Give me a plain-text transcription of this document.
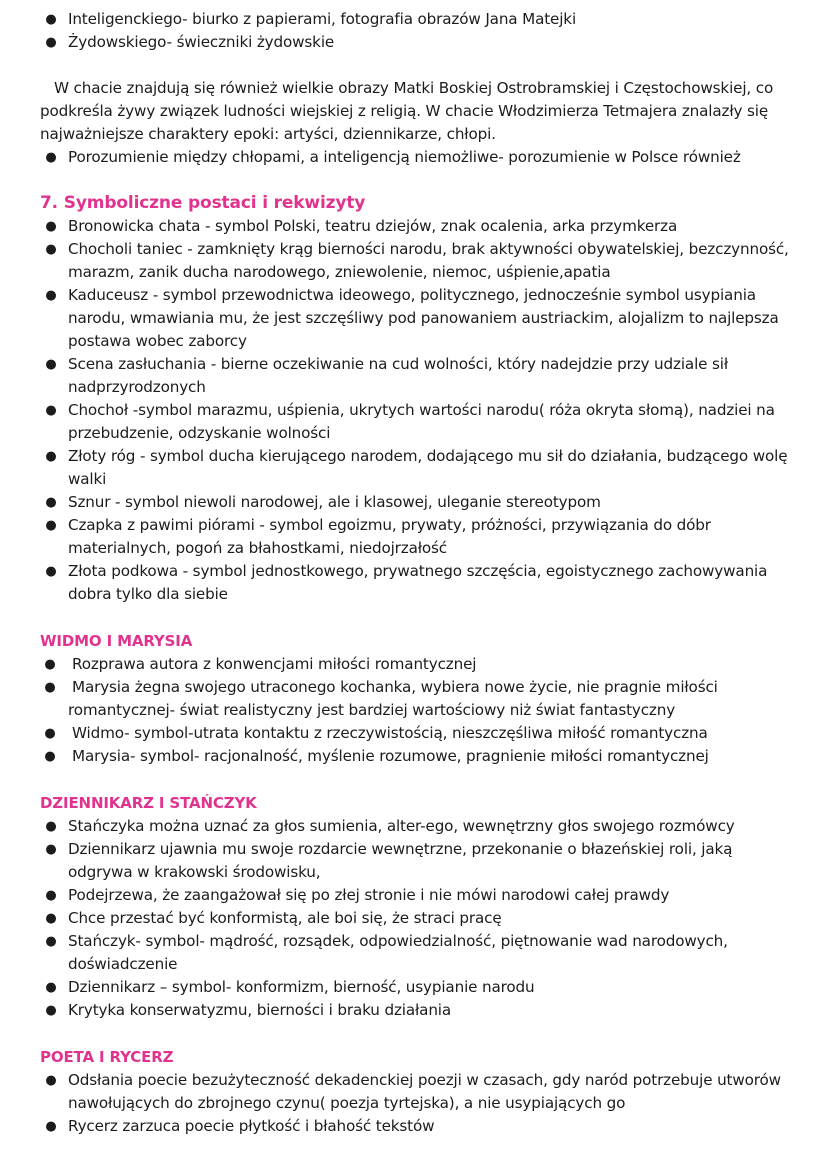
● Inteligenckiego- biurko z papierami, fotografia obrazów Jana Matejki
● Żydowskiego- świeczniki żydowskie

W chacie znajdują się również wielkie obrazy Matki Boskiej Ostrobramskiej i Częstochowskiej, co podkreśla żywy związek ludności wiejskiej z religią. W chacie Włodzimierza Tetmajera znalazły się najważniejsze charaktery epoki: artyści, dziennikarze, chłopi.

● Porozumienie między chłopami, a inteligencją niemożliwe- porozumienie w Polsce również
7. Symboliczne postaci i rekwizyty
● Bronowicka chata - symbol Polski, teatru dziejów, znak ocalenia, arka przymkerza
● Chocholi taniec - zamknięty krąg bierności narodu, brak aktywności obywatelskiej, bezczynność, marazm, zanik ducha narodowego, zniewolenie, niemoc, uśpienie,apatia
● Kaduceusz - symbol przewodnictwa ideowego, politycznego, jednocześnie symbol usypiania narodu, wmawiania mu, że jest szczęśliwy pod panowaniem austriackim, alojalizm to najlepsza postawa wobec zaborcy
● Scena zasłuchania - bierne oczekiwanie na cud wolności, który nadejdzie przy udziale sił nadprzyrodzonych
● Chochoł -symbol marazmu, uśpienia, ukrytych wartości narodu( róża okryta słomą), nadziei na przebudzenie, odzyskanie wolności
● Złoty róg - symbol ducha kierującego narodem, dodającego mu sił do działania, budzącego wolę walki
● Sznur - symbol niewoli narodowej, ale i klasowej, uleganie stereotypom
● Czapka z pawimi piórami - symbol egoizmu, prywaty, próżności, przywiązania do dóbr materialnych, pogoń za błahostkami, niedojrzałość
● Złota podkowa - symbol jednostkowego, prywatnego szczęścia, egoistycznego zachowywania dobra tylko dla siebie
WIDMO I MARYSIA
● Rozprawa autora z konwencjami miłości romantycznej
● Marysia żegna swojego utraconego kochanka, wybiera nowe życie, nie pragnie miłości romantycznej- świat realistyczny jest bardziej wartościowy niż świat fantastyczny
● Widmo- symbol-utrata kontaktu z rzeczywistością, nieszczęśliwa miłość romantyczna
● Marysia- symbol- racjonalność, myślenie rozumowe, pragnienie miłości romantycznej
DZIENNIKARZ I STAŃCZYK
● Stańczyka można uznać za głos sumienia, alter-ego, wewnętrzny głos swojego rozmówcy
● Dziennikarz ujawnia mu swoje rozdarcie wewnętrzne, przekonanie o błazeńskiej roli, jaką odgrywa w krakowski środowisku,
● Podejrzewa, że zaangażował się po złej stronie i nie mówi narodowi całej prawdy
● Chce przestać być konformistą, ale boi się, że straci pracę
● Stańczyk- symbol- mądrość, rozsądek, odpowiedzialność, piętnowanie wad narodowych, doświadczenie
● Dziennikarz – symbol- konformizm, bierność, usypianie narodu
● Krytyka konserwatyzmu, bierności i braku działania
POETA I RYCERZ
● Odsłania poecie bezużyteczność dekadenckiej poezji w czasach, gdy naród potrzebuje utworów nawołujących do zbrojnego czynu( poezja tyrtejska), a nie usypiających go
● Rycerz zarzuca poecie płytkość i błahość tekstów
